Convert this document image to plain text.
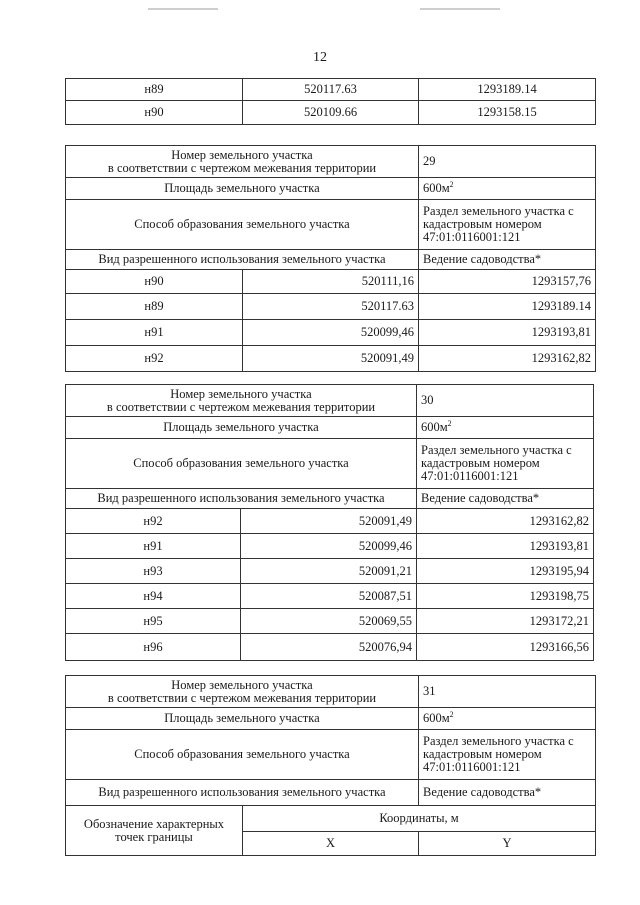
12
н89	520117.63	1293189.14
н90	520109.66	1293158.15
Номер земельного участка
в соответствии с чертежом межевания территории		29
Площадь земельного участка		$600м^2$
Способ образования земельного участка		Раздел земельного участка с
кадастровым номером
47:01:0116001:121
Вид разрешенного использования земельного участка		Ведение садоводства*
н90	520111,16	1293157,76
н89	520117.63	1293189.14
н91	520099,46	1293193,81
н92	520091,49	1293162,82
Номер земельного участка
в соответствии с чертежом межевания территории		30
Площадь земельного участка		$600м^2$
Способ образования земельного участка		Раздел земельного участка с
кадастровым номером
47:01:0116001:121
Вид разрешенного использования земельного участка		Ведение садоводства*
н92	520091,49	1293162,82
н91	520099,46	1293193,81
н93	520091,21	1293195,94
н94	520087,51	1293198,75
н95	520069,55	1293172,21
н96	520076,94	1293166,56
Номер земельного участка
в соответствии с чертежом межевания территории		31
Площадь земельного участка		$600м^2$
Способ образования земельного участка		Раздел земельного участка с
кадастровым номером
47:01:0116001:121
Вид разрешенного использования земельного участка		Ведение садоводства*
Обозначение характерных
точек границы	Координаты, м	
	X	Y
